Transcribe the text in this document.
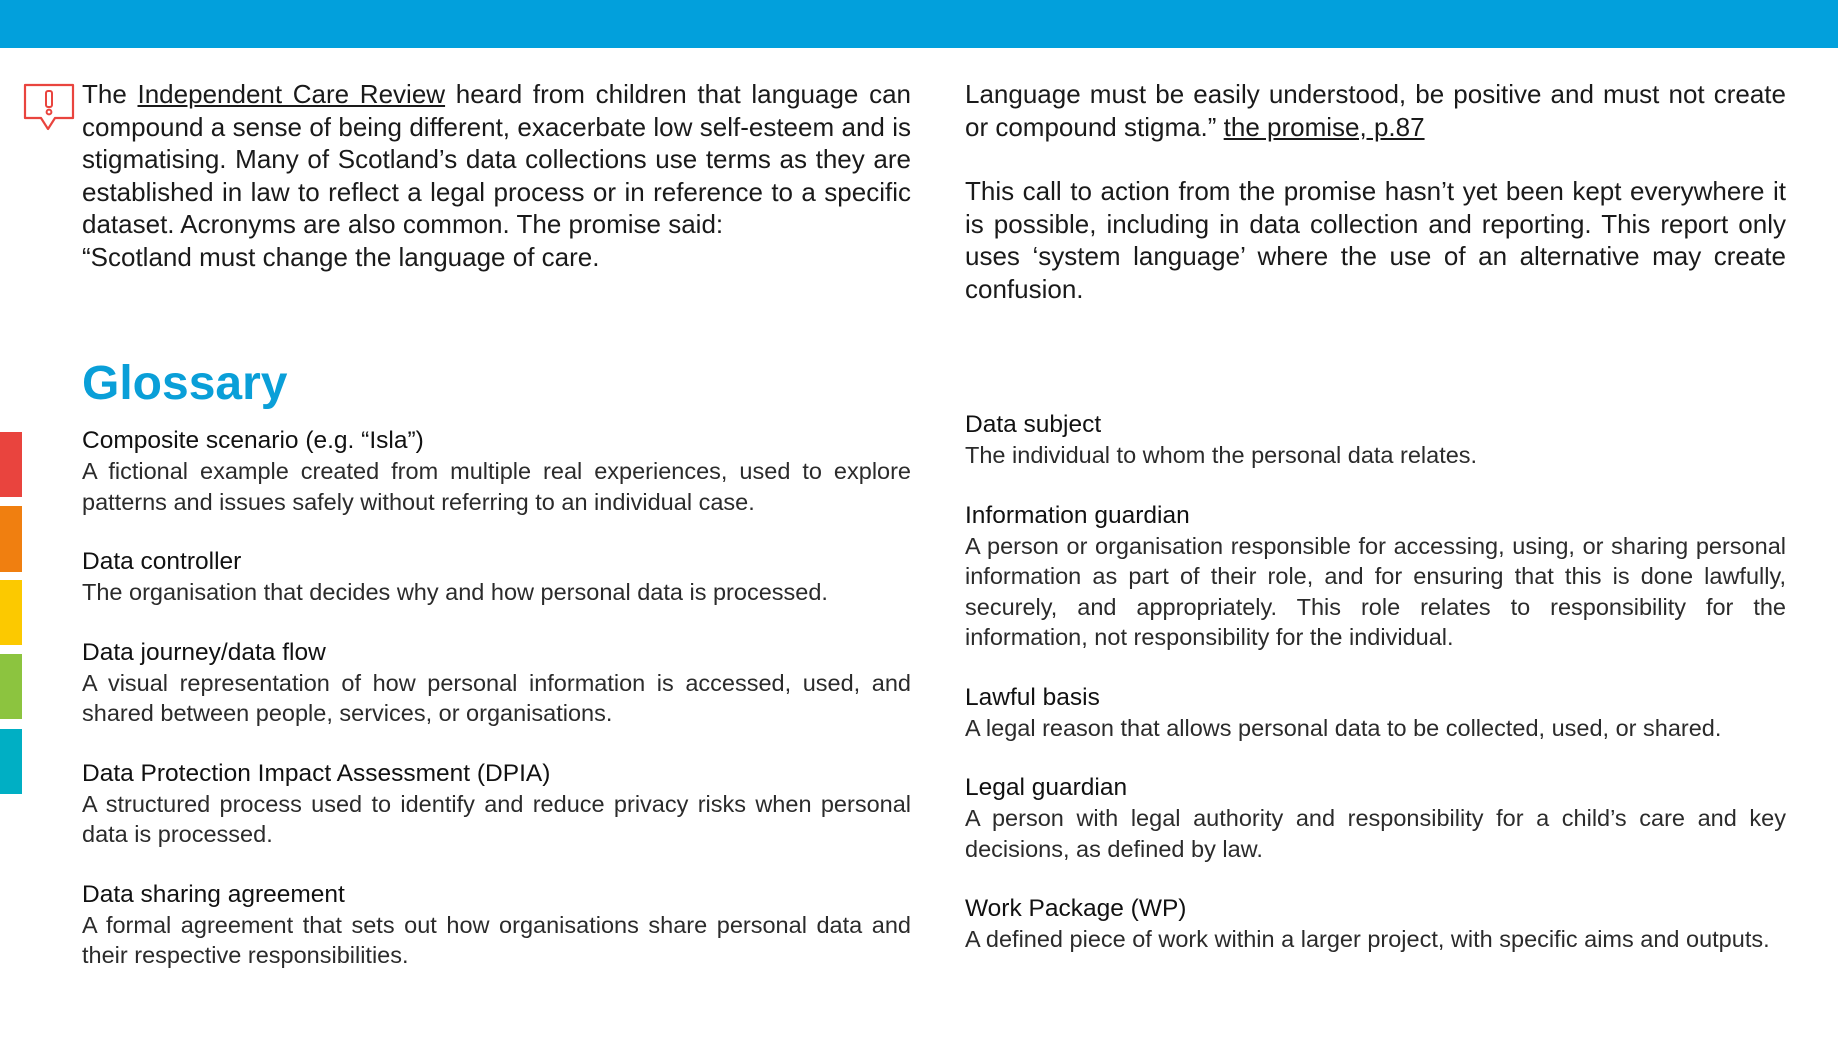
The Independent Care Review heard from children that language can compound a sense of being different, exacerbate low self-esteem and is stigmatising. Many of Scotland’s data collections use terms as they are established in law to reflect a legal process or in reference to a specific dataset. Acronyms are also common. The promise said:
“Scotland must change the language of care.

Language must be easily understood, be positive and must not create or compound stigma.” the promise, p.87
This call to action from the promise hasn’t yet been kept everywhere it is possible, including in data collection and reporting. This report only uses ‘system language’ where the use of an alternative may create confusion.

Glossary

Composite scenario (e.g. “Isla”)

A fictional example created from multiple real experiences, used to explore patterns and issues safely without referring to an individual case.

Data controller

The organisation that decides why and how personal data is processed.

Data journey/data flow

A visual representation of how personal information is accessed, used, and shared between people, services, or organisations.

Data Protection Impact Assessment (DPIA)

A structured process used to identify and reduce privacy risks when personal data is processed.

Data sharing agreement

A formal agreement that sets out how organisations share personal data and their respective responsibilities.

Data subject

The individual to whom the personal data relates.

Information guardian

A person or organisation responsible for accessing, using, or sharing personal information as part of their role, and for ensuring that this is done lawfully, securely, and appropriately. This role relates to responsibility for the information, not responsibility for the individual.

Lawful basis

A legal reason that allows personal data to be collected, used, or shared.

Legal guardian

A person with legal authority and responsibility for a child’s care and key decisions, as defined by law.

Work Package (WP)

A defined piece of work within a larger project, with specific aims and outputs.
